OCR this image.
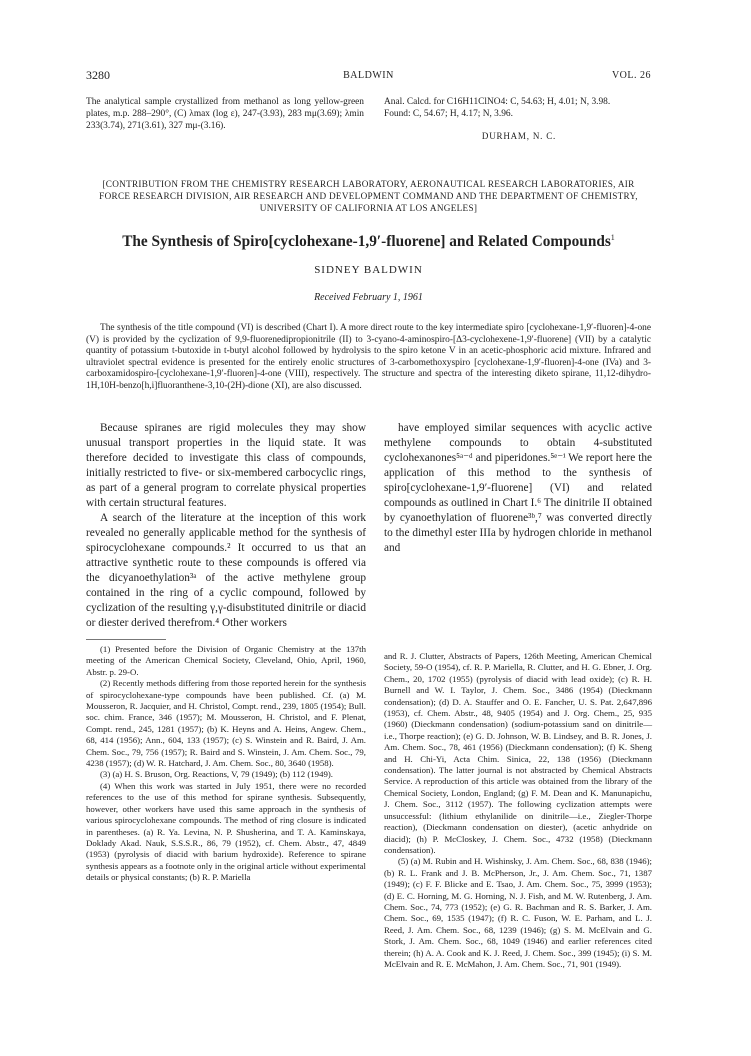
3280	BALDWIN	VOL. 26
The analytical sample crystallized from methanol as long yellow-green plates, m.p. 288–290°, (C) λmax (log ε), 247-(3.93), 283 mμ(3.69); λmin 233(3.74), 271(3.61), 327 mμ-(3.16).

Anal. Calcd. for C16H11ClNO4: C, 54.63; H, 4.01; N, 3.98.

Found: C, 54.67; H, 4.17; N, 3.96.

DURHAM, N. C.

[CONTRIBUTION FROM THE CHEMISTRY RESEARCH LABORATORY, AERONAUTICAL RESEARCH LABORATORIES, AIR FORCE RESEARCH DIVISION, AIR RESEARCH AND DEVELOPMENT COMMAND AND THE DEPARTMENT OF CHEMISTRY, UNIVERSITY OF CALIFORNIA AT LOS ANGELES]
The Synthesis of Spiro[cyclohexane-1,9′-fluorene] and Related Compounds$^1$
SIDNEY BALDWIN
Received February 1, 1961
The synthesis of the title compound (VI) is described (Chart I). A more direct route to the key intermediate spiro [cyclohexane-1,9′-fluoren]-4-one (V) is provided by the cyclization of 9,9-fluorenedipropionitrile (II) to 3-cyano-4-aminospiro-[Δ3-cyclohexene-1,9′-fluorene] (VII) by a catalytic quantity of potassium t-butoxide in t-butyl alcohol followed by hydrolysis to the spiro ketone V in an acetic-phosphoric acid mixture. Infrared and ultraviolet spectral evidence is presented for the entirely enolic structures of 3-carbomethoxyspiro [cyclohexane-1,9′-fluoren]-4-one (IVa) and 3-carboxamidospiro-[cyclohexane-1,9′-fluoren]-4-one (VIII), respectively. The structure and spectra of the interesting diketo spirane, 11,12-dihydro-1H,10H-benzo[h,i]fluoranthene-3,10-(2H)-dione (XI), are also discussed.

Because spiranes are rigid molecules they may show unusual transport properties in the liquid state. It was therefore decided to investigate this class of compounds, initially restricted to five- or six-membered carbocyclic rings, as part of a general program to correlate physical properties with certain structural features.

A search of the literature at the inception of this work revealed no generally applicable method for the synthesis of spirocyclohexane compounds.² It occurred to us that an attractive synthetic route to these compounds is offered via the dicyanoethylation³ᵃ of the active methylene group contained in the ring of a cyclic compound, followed by cyclization of the resulting γ,γ-disubstituted dinitrile or diacid or diester derived therefrom.⁴ Other workers

(1) Presented before the Division of Organic Chemistry at the 137th meeting of the American Chemical Society, Cleveland, Ohio, April, 1960, Abstr. p. 29-O.

(2) Recently methods differing from those reported herein for the synthesis of spirocyclohexane-type compounds have been published. Cf. (a) M. Mousseron, R. Jacquier, and H. Christol, Compt. rend., 239, 1805 (1954); Bull. soc. chim. France, 346 (1957); M. Mousseron, H. Christol, and F. Plenat, Compt. rend., 245, 1281 (1957); (b) K. Heyns and A. Heins, Angew. Chem., 68, 414 (1956); Ann., 604, 133 (1957); (c) S. Winstein and R. Baird, J. Am. Chem. Soc., 79, 756 (1957); R. Baird and S. Winstein, J. Am. Chem. Soc., 79, 4238 (1957); (d) W. R. Hatchard, J. Am. Chem. Soc., 80, 3640 (1958).

(3) (a) H. S. Bruson, Org. Reactions, V, 79 (1949); (b) 112 (1949).

(4) When this work was started in July 1951, there were no recorded references to the use of this method for spirane synthesis. Subsequently, however, other workers have used this same approach in the synthesis of various spirocyclohexane compounds. The method of ring closure is indicated in parentheses. (a) R. Ya. Levina, N. P. Shusherina, and T. A. Kaminskaya, Doklady Akad. Nauk, S.S.S.R., 86, 79 (1952), cf. Chem. Abstr., 47, 4849 (1953) (pyrolysis of diacid with barium hydroxide). Reference to spirane synthesis appears as a footnote only in the original article without experimental details or physical constants; (b) R. P. Mariella

have employed similar sequences with acyclic active methylene compounds to obtain 4-substituted cyclohexanones⁵ᵃ⁻ᵈ and piperidones.⁵ᵉ⁻ⁱ We report here the application of this method to the synthesis of spiro[cyclohexane-1,9′-fluorene] (VI) and related compounds as outlined in Chart I.⁶ The dinitrile II obtained by cyanoethylation of fluorene³ᵇ,⁷ was converted directly to the dimethyl ester IIIa by hydrogen chloride in methanol and

and R. J. Clutter, Abstracts of Papers, 126th Meeting, American Chemical Society, 59-O (1954), cf. R. P. Mariella, R. Clutter, and H. G. Ebner, J. Org. Chem., 20, 1702 (1955) (pyrolysis of diacid with lead oxide); (c) R. H. Burnell and W. I. Taylor, J. Chem. Soc., 3486 (1954) (Dieckmann condensation); (d) D. A. Stauffer and O. E. Fancher, U. S. Pat. 2,647,896 (1953), cf. Chem. Abstr., 48, 9405 (1954) and J. Org. Chem., 25, 935 (1960) (Dieckmann condensation) (sodium-potassium sand on dinitrile—i.e., Thorpe reaction); (e) G. D. Johnson, W. B. Lindsey, and B. R. Jones, J. Am. Chem. Soc., 78, 461 (1956) (Dieckmann condensation); (f) K. Sheng and H. Chi-Yi, Acta Chim. Sinica, 22, 138 (1956) (Dieckmann condensation). The latter journal is not abstracted by Chemical Abstracts Service. A reproduction of this article was obtained from the library of the Chemical Society, London, England; (g) F. M. Dean and K. Manunapichu, J. Chem. Soc., 3112 (1957). The following cyclization attempts were unsuccessful: (lithium ethylanilide on dinitrile—i.e., Ziegler-Thorpe reaction), (Dieckmann condensation on diester), (acetic anhydride on diacid); (h) P. McCloskey, J. Chem. Soc., 4732 (1958) (Dieckmann condensation).

(5) (a) M. Rubin and H. Wishinsky, J. Am. Chem. Soc., 68, 838 (1946); (b) R. L. Frank and J. B. McPherson, Jr., J. Am. Chem. Soc., 71, 1387 (1949); (c) F. F. Blicke and E. Tsao, J. Am. Chem. Soc., 75, 3999 (1953); (d) E. C. Horning, M. G. Horning, N. J. Fish, and M. W. Rutenberg, J. Am. Chem. Soc., 74, 773 (1952); (e) G. R. Bachman and R. S. Barker, J. Am. Chem. Soc., 69, 1535 (1947); (f) R. C. Fuson, W. E. Parham, and L. J. Reed, J. Am. Chem. Soc., 68, 1239 (1946); (g) S. M. McElvain and G. Stork, J. Am. Chem. Soc., 68, 1049 (1946) and earlier references cited therein; (h) A. A. Cook and K. J. Reed, J. Chem. Soc., 399 (1945); (i) S. M. McElvain and R. E. McMahon, J. Am. Chem. Soc., 71, 901 (1949).
